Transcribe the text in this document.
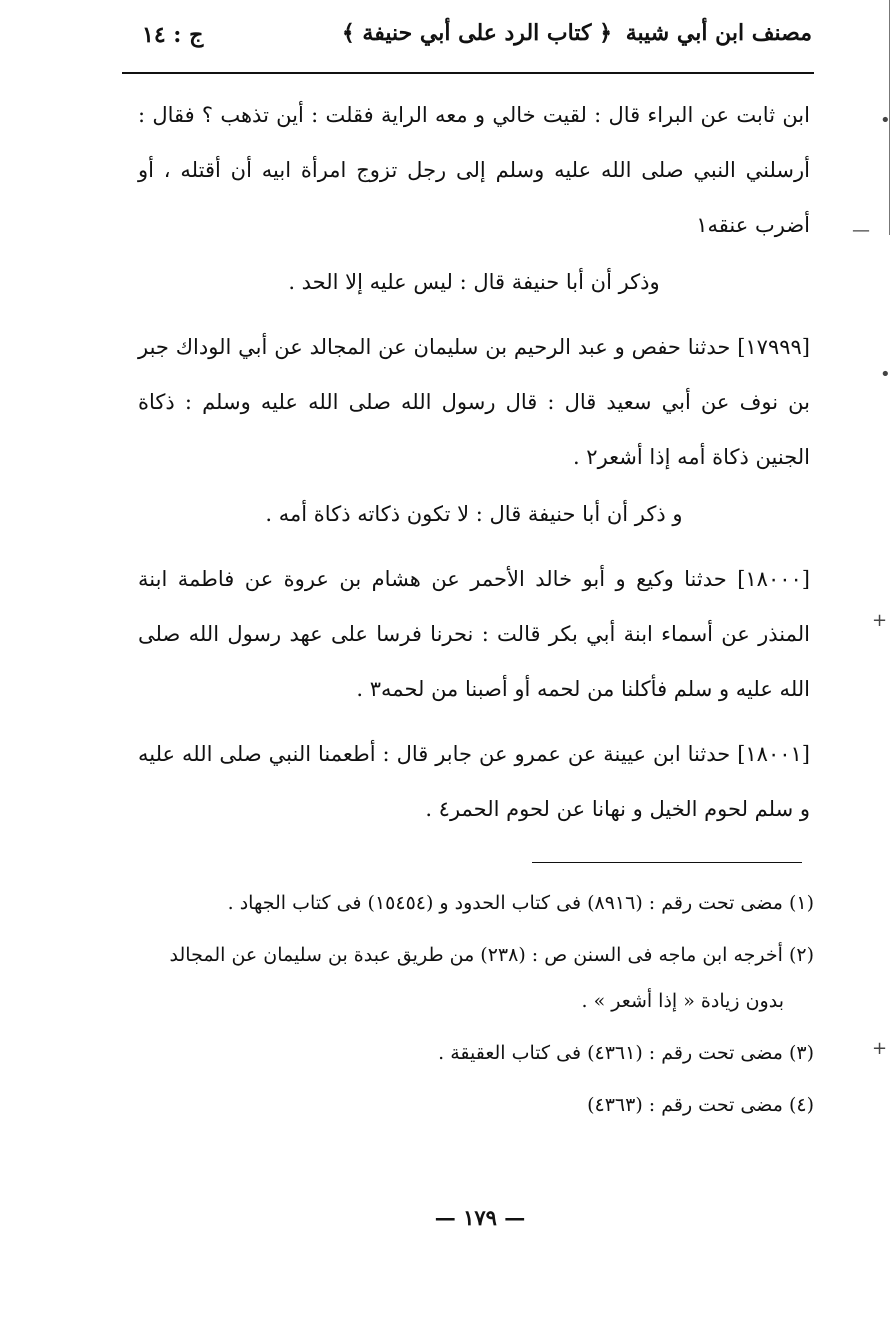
•
—
•
+
+
مصنف ابن أبي شيبة
﴿ كتاب الرد على أبي حنيفة ﴾
ج : ١٤

ابن ثابت عن البراء قال : لقيت خالي و معه الراية فقلت : أين تذهب ؟ فقال : أرسلني النبي صلى الله عليه وسلم إلى رجل تزوج امرأة ابيه أن أقتله ، أو أضرب عنقه١

وذكر أن أبا حنيفة قال : ليس عليه إلا الحد .

[١٧٩٩٩] حدثنا حفص و عبد الرحيم بن سليمان عن المجالد عن أبي الوداك جبر بن نوف عن أبي سعيد قال : قال رسول الله صلى الله عليه وسلم : ذكاة الجنين ذكاة أمه إذا أشعر٢ .

و ذكر أن أبا حنيفة قال : لا تكون ذكاته ذكاة أمه .

[١٨٠٠٠] حدثنا وكيع و أبو خالد الأحمر عن هشام بن عروة عن فاطمة ابنة المنذر عن أسماء ابنة أبي بكر قالت : نحرنا فرسا على عهد رسول الله صلى الله عليه و سلم فأكلنا من لحمه أو أصبنا من لحمه٣ .

[١٨٠٠١] حدثنا ابن عيينة عن عمرو عن جابر قال : أطعمنا النبي صلى الله عليه و سلم لحوم الخيل و نهانا عن لحوم الحمر٤ .

(١) مضى تحت رقم : (٨٩١٦) فى كتاب الحدود و (١٥٤٥٤) فى كتاب الجهاد .

(٢) أخرجه ابن ماجه فى السنن ص : (٢٣٨) من طريق عبدة بن سليمان عن المجالد بدون زيادة « إذا أشعر » .

(٣) مضى تحت رقم : (٤٣٦١) فى كتاب العقيقة .

(٤) مضى تحت رقم : (٤٣٦٣)

— ١٧٩ —
